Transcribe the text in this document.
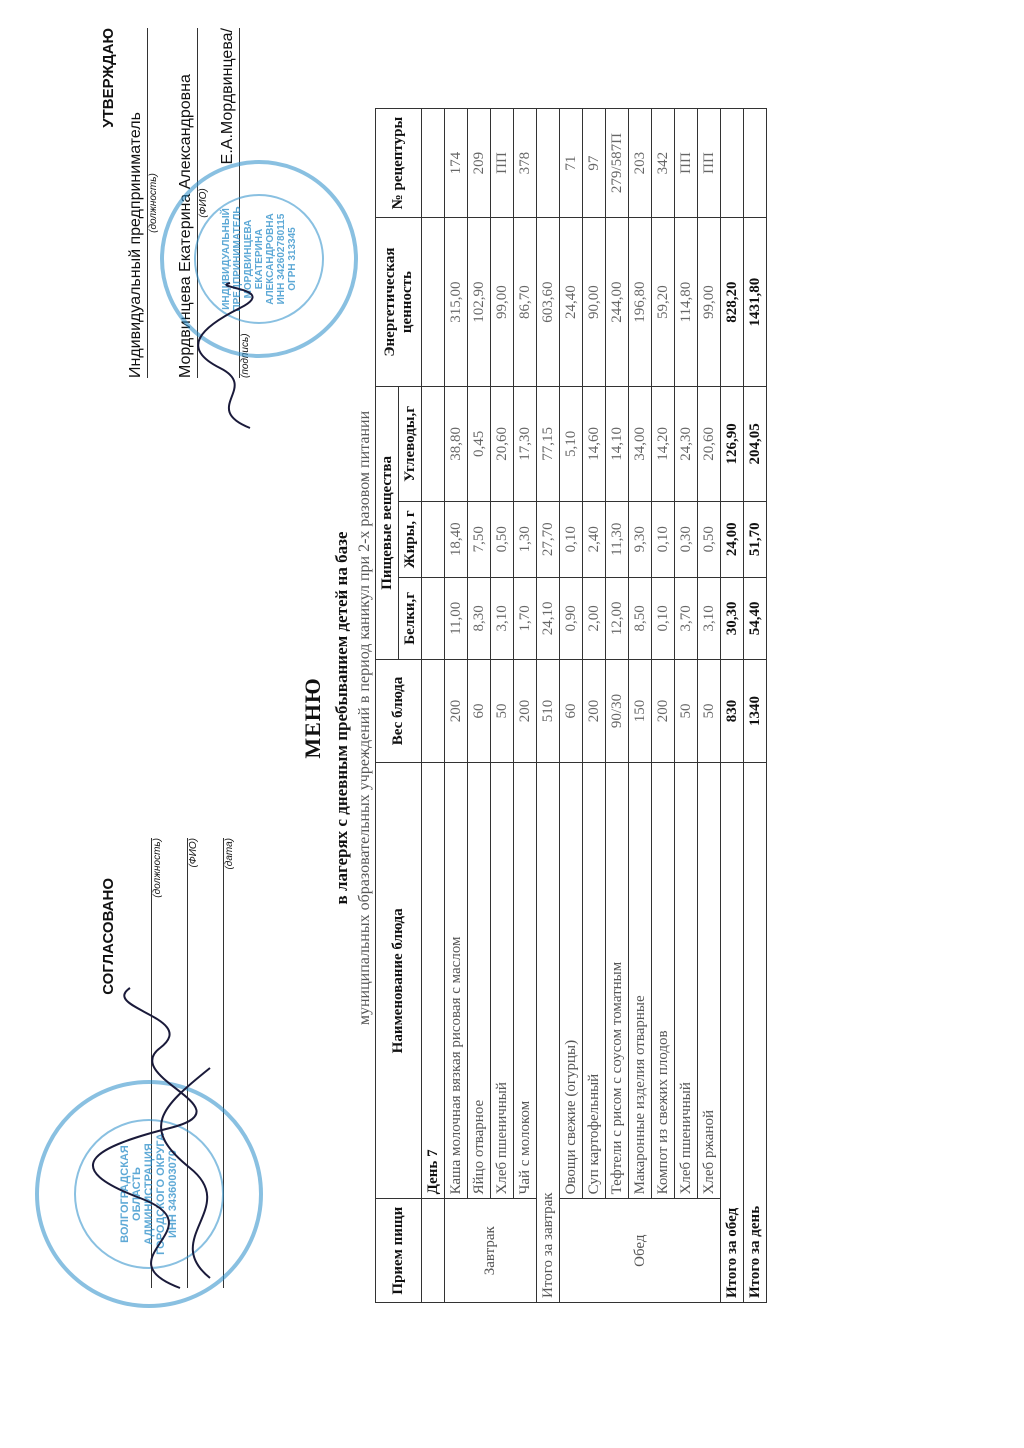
СОГЛАСОВАНО
(должность)	(ФИО)	(дата)
ВОЛГОГРАДСКАЯ ОБЛАСТЬ АДМИНИСТРАЦИЯ ГОРОДСКОГО ОКРУГА ИНН 3436003070
УТВЕРЖДАЮ
Индивидуальный предприниматель (должность) Мордвинцева Екатерина Александровна (ФИО)
Е.А.Мордвинцева/
(подпись)
ИНДИВИДУАЛЬНЫЙ ПРЕДПРИНИМАТЕЛЬ МОРДВИНЦЕВА ЕКАТЕРИНА АЛЕКСАНДРОВНА ИНН 342602780115 ОГРН 313345
МЕНЮ в лагерях с дневным пребыванием детей на базе муниципальных образовательных учреждений в период каникул при 2-х разовом питании
Прием пищи	Наименование блюда	Вес блюда	Пищевые вещества			Энергетическая ценность	№ рецептуры
			Белки,г	Жиры, г	Углеводы,г		
	День 7						
Завтрак	Каша молочная вязкая рисовая с маслом	200	11,00	18,40	38,80	315,00	174
	Яйцо отварное	60	8,30	7,50	0,45	102,90	209
	Хлеб пшеничный	50	3,10	0,50	20,60	99,00	ПП
	Чай с молоком	200	1,70	1,30	17,30	86,70	378
Итого за завтрак		510	24,10	27,70	77,15	603,60	
Обед	Овощи свежие (огурцы)	60	0,90	0,10	5,10	24,40	71
	Суп картофельный	200	2,00	2,40	14,60	90,00	97
	Тефтели с рисом с соусом томатным	90/30	12,00	11,30	14,10	244,00	279/587П
	Макаронные изделия отварные	150	8,50	9,30	34,00	196,80	203
	Компот из свежих плодов	200	0,10	0,10	14,20	59,20	342
	Хлеб пшеничный	50	3,70	0,30	24,30	114,80	ПП
	Хлеб ржаной	50	3,10	0,50	20,60	99,00	ПП
Итого за обед		830	30,30	24,00	126,90	828,20	
Итого за день		1340	54,40	51,70	204,05	1431,80	
